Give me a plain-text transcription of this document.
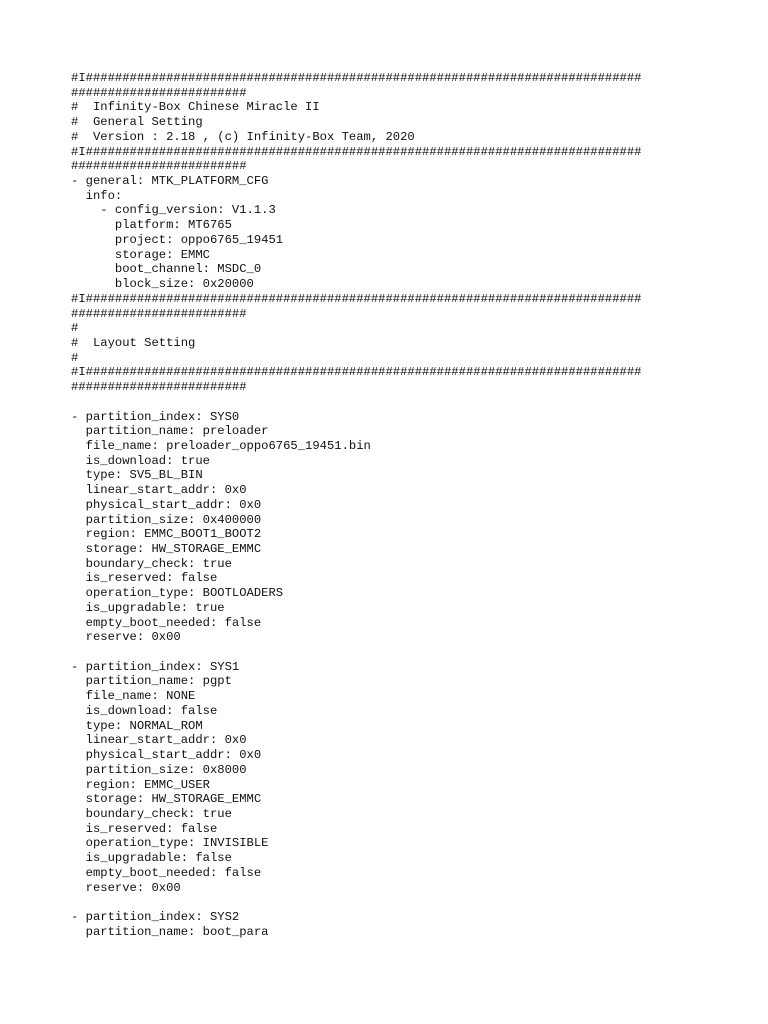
#I############################################################################
########################
#  Infinity-Box Chinese Miracle II
#  General Setting
#  Version : 2.18 , (c) Infinity-Box Team, 2020
#I############################################################################
########################
- general: MTK_PLATFORM_CFG
info:
- config_version: V1.1.3
platform: MT6765
project: oppo6765_19451
storage: EMMC
boot_channel: MSDC_0
block_size: 0x20000
#I############################################################################
########################
#
#  Layout Setting
#
#I############################################################################
########################
- partition_index: SYS0
partition_name: preloader
file_name: preloader_oppo6765_19451.bin
is_download: true
type: SV5_BL_BIN
linear_start_addr: 0x0
physical_start_addr: 0x0
partition_size: 0x400000
region: EMMC_BOOT1_BOOT2
storage: HW_STORAGE_EMMC
boundary_check: true
is_reserved: false
operation_type: BOOTLOADERS
is_upgradable: true
empty_boot_needed: false
reserve: 0x00
- partition_index: SYS1
partition_name: pgpt
file_name: NONE
is_download: false
type: NORMAL_ROM
linear_start_addr: 0x0
physical_start_addr: 0x0
partition_size: 0x8000
region: EMMC_USER
storage: HW_STORAGE_EMMC
boundary_check: true
is_reserved: false
operation_type: INVISIBLE
is_upgradable: false
empty_boot_needed: false
reserve: 0x00
- partition_index: SYS2
partition_name: boot_para
